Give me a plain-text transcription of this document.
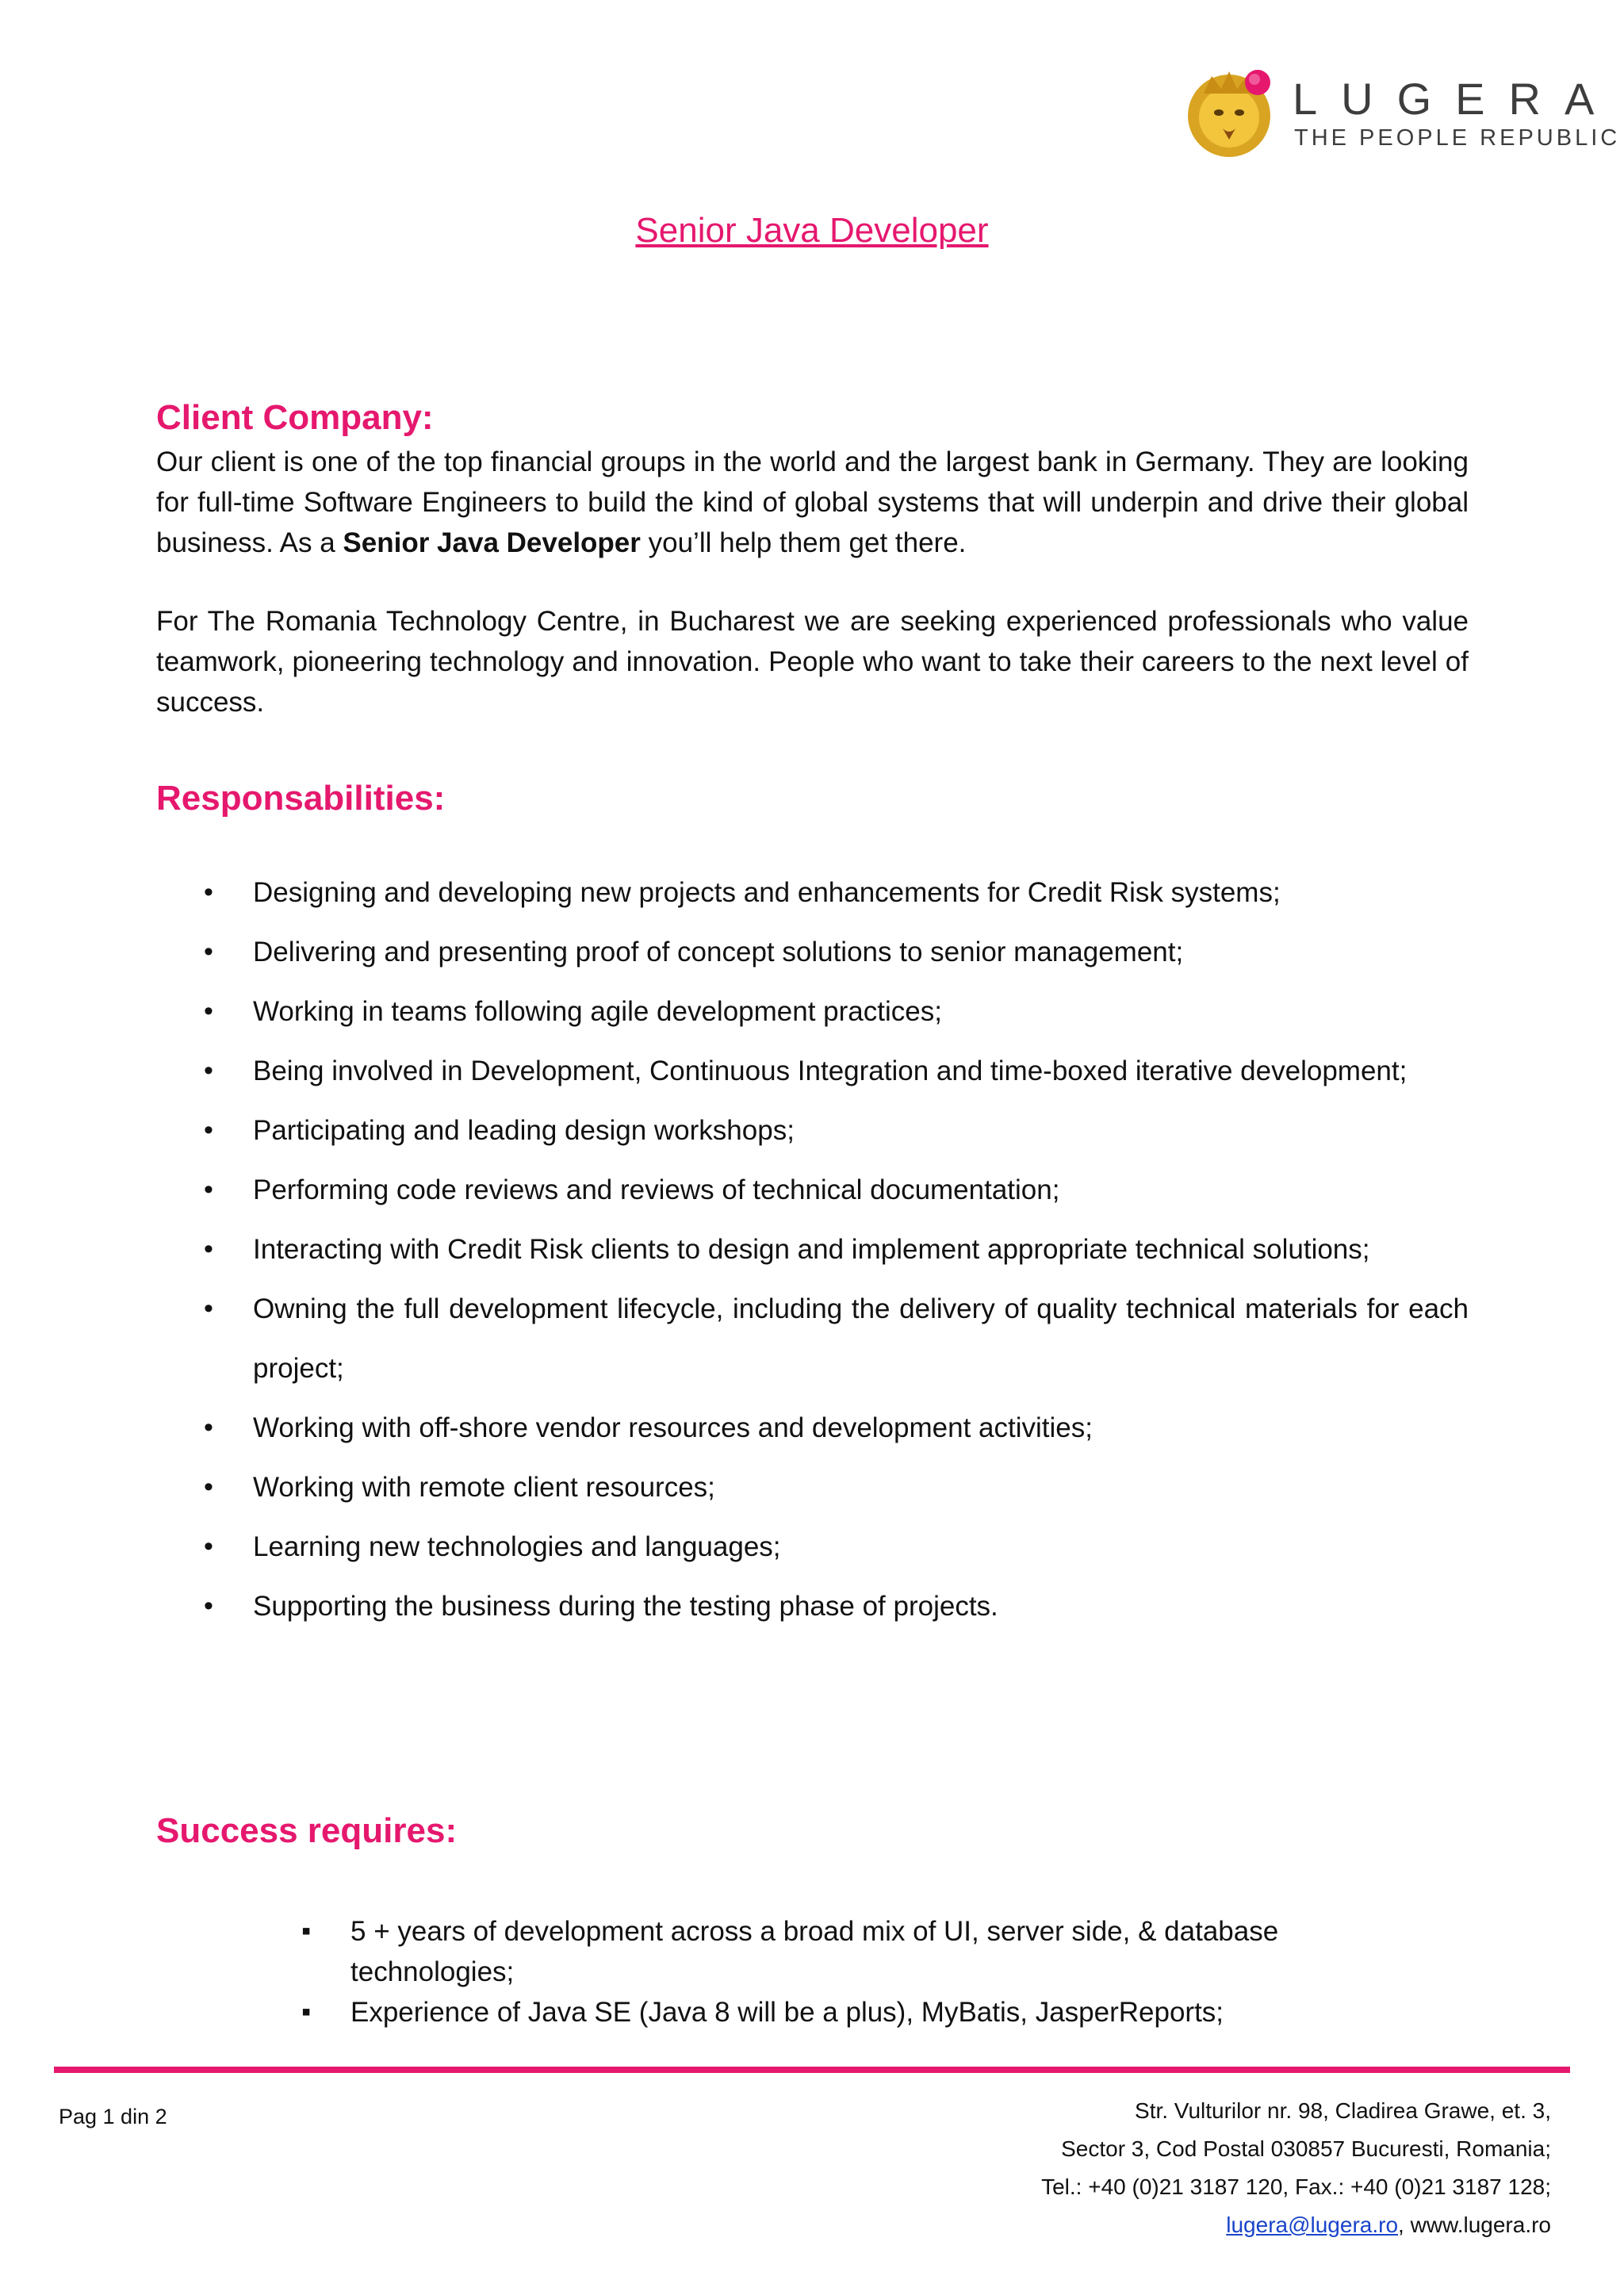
LUGERA
THE PEOPLE REPUBLIC
Senior Java Developer
Client Company:

Our client is one of the top financial groups in the world and the largest bank in Germany. They are looking for full-time Software Engineers to build the kind of global systems that will underpin and drive their global business. As a Senior Java Developer you’ll help them get there.

For The Romania Technology Centre, in Bucharest we are seeking experienced professionals who value teamwork, pioneering technology and innovation. People who want to take their careers to the next level of success.

Responsabilities:
• Designing and developing new projects and enhancements for Credit Risk systems;
• Delivering and presenting proof of concept solutions to senior management;
• Working in teams following agile development practices;
• Being involved in Development, Continuous Integration and time-boxed iterative development;
• Participating and leading design workshops;
• Performing code reviews and reviews of technical documentation;
• Interacting with Credit Risk clients to design and implement appropriate technical solutions;
• Owning the full development lifecycle, including the delivery of quality technical materials for each project;
• Working with off-shore vendor resources and development activities;
• Working with remote client resources;
• Learning new technologies and languages;
• Supporting the business during the testing phase of projects.
Success requires:
▪ 5 + years of development across a broad mix of UI, server side, & database technologies;
▪ Experience of Java SE (Java 8 will be a plus), MyBatis, JasperReports;
Pag 1 din 2	Str. Vulturilor nr. 98, Cladirea Grawe, et. 3,
Sector 3, Cod Postal 030857 Bucuresti, Romania;
Tel.: +40 (0)21 3187 120, Fax.: +40 (0)21 3187 128;
lugera@lugera.ro, www.lugera.ro
